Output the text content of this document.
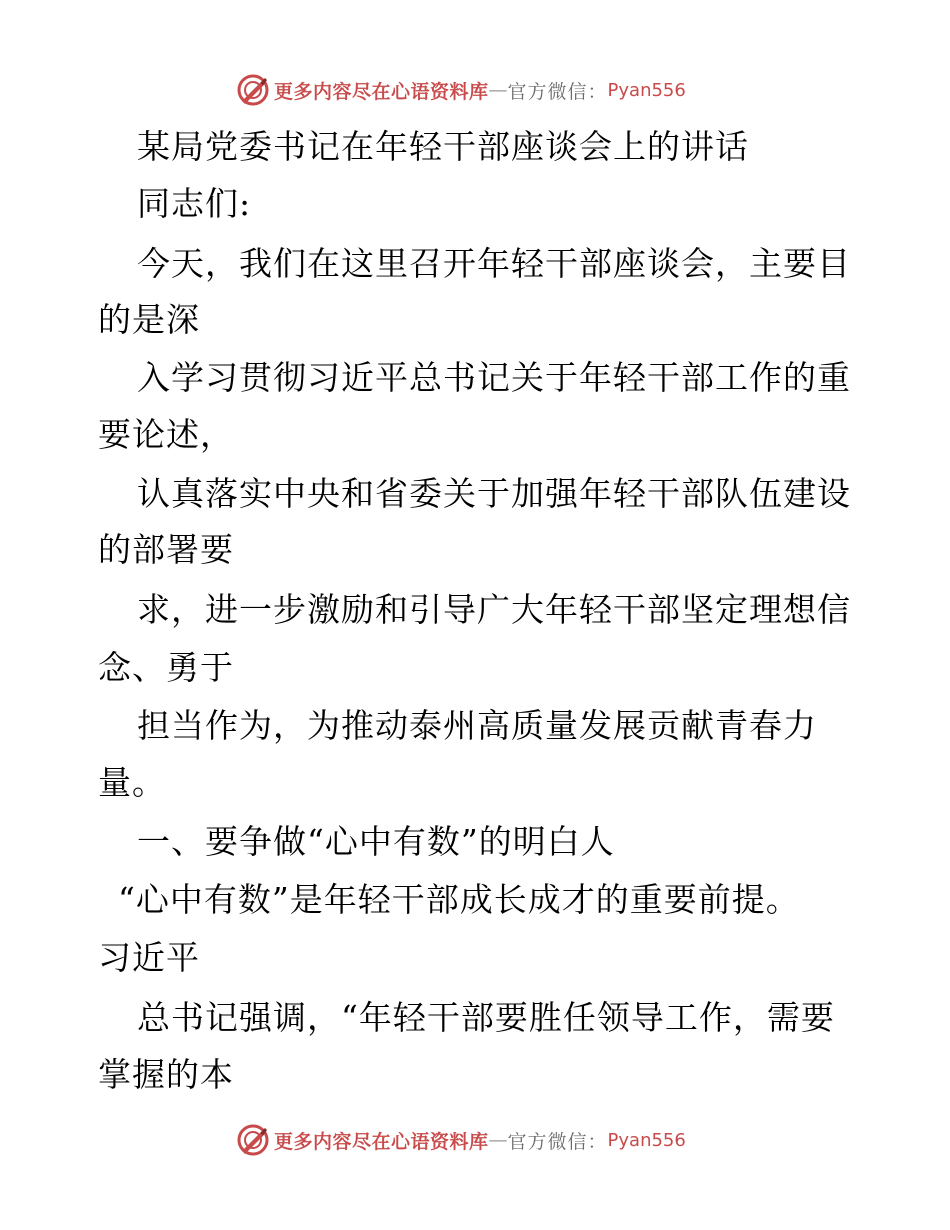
更多内容尽在心语资料库 — 官方微信： Pyan556
某局党委书记在年轻干部座谈会上的讲话
同志们:
今天，我们在这里召开年轻干部座谈会，主要目
的是深
入学习贯彻习近平总书记关于年轻干部工作的重
要论述，
认真落实中央和省委关于加强年轻干部队伍建设
的部署要
求，进一步激励和引导广大年轻干部坚定理想信
念、勇于
担当作为，为推动泰州高质量发展贡献青春力
量。
一、要争做“心中有数”的明白人
“心中有数”是年轻干部成长成才的重要前提。
习近平
总书记强调，“年轻干部要胜任领导工作，需要
掌握的本
更多内容尽在心语资料库 — 官方微信： Pyan556
